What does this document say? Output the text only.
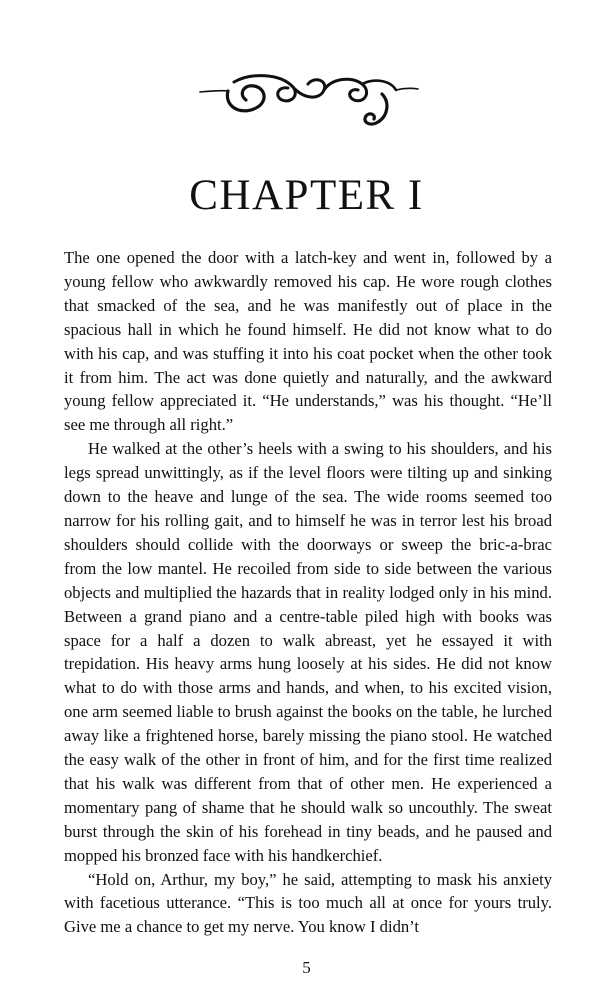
CHAPTER I

The one opened the door with a latch-key and went in, followed by a young fellow who awkwardly removed his cap. He wore rough clothes that smacked of the sea, and he was manifestly out of place in the spacious hall in which he found himself. He did not know what to do with his cap, and was stuffing it into his coat pocket when the other took it from him. The act was done quietly and naturally, and the awkward young fellow appreciated it. “He understands,” was his thought. “He’ll see me through all right.”

He walked at the other’s heels with a swing to his shoulders, and his legs spread unwittingly, as if the level floors were tilting up and sinking down to the heave and lunge of the sea. The wide rooms seemed too narrow for his rolling gait, and to himself he was in terror lest his broad shoulders should collide with the doorways or sweep the bric-a-brac from the low mantel. He recoiled from side to side between the various objects and multiplied the hazards that in reality lodged only in his mind. Between a grand piano and a centre-table piled high with books was space for a half a dozen to walk abreast, yet he essayed it with trepidation. His heavy arms hung loosely at his sides. He did not know what to do with those arms and hands, and when, to his excited vision, one arm seemed liable to brush against the books on the table, he lurched away like a frightened horse, barely missing the piano stool. He watched the easy walk of the other in front of him, and for the first time realized that his walk was different from that of other men. He experienced a momentary pang of shame that he should walk so uncouthly. The sweat burst through the skin of his forehead in tiny beads, and he paused and mopped his bronzed face with his handkerchief.

“Hold on, Arthur, my boy,” he said, attempting to mask his anxiety with facetious utterance. “This is too much all at once for yours truly. Give me a chance to get my nerve. You know I didn’t

5
